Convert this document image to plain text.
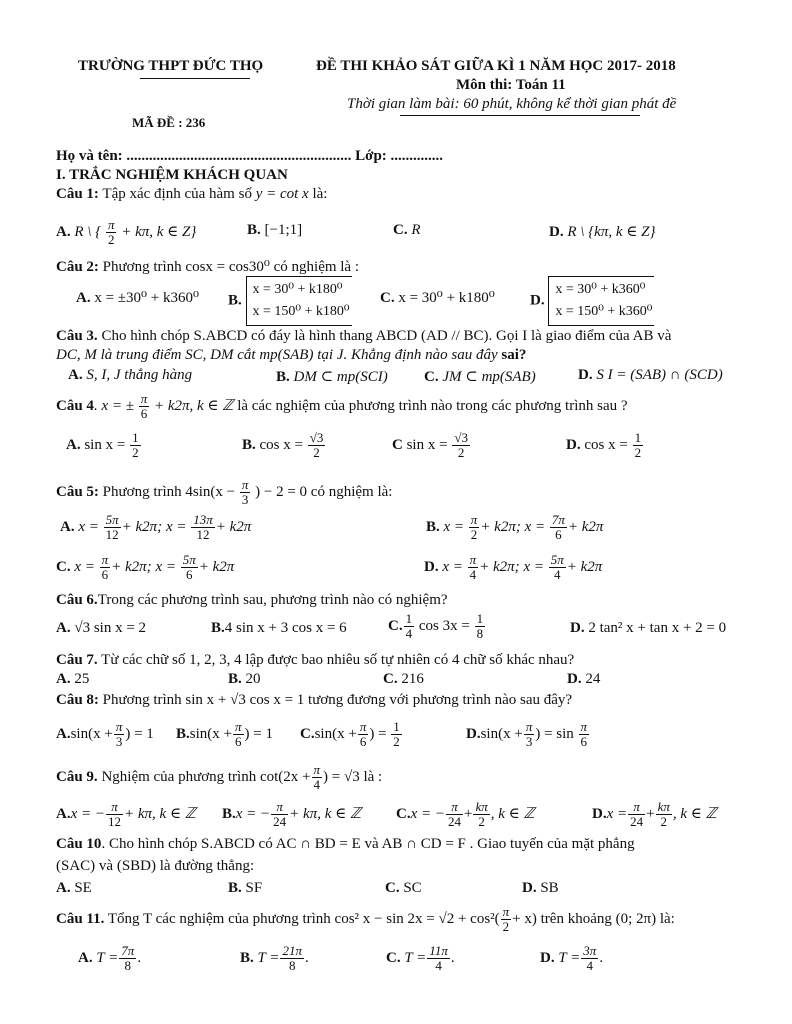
TRƯỜNG THPT ĐỨC THỌ	ĐỀ THI KHẢO SÁT GIỮA KÌ 1 NĂM HỌC 2017- 2018
Môn thi: Toán 11
Thời gian làm bài: 60 phút, không kể thời gian phát đề
MÃ ĐỀ : 236
Họ và tên: ............................................................ Lớp: ..............
I. TRẮC NGHIỆM KHÁCH QUAN
Câu 1: Tập xác định của hàm số y = cot x là:
A. R \ { $\frac{\pi}{2} + k\pi$, k ∈ Z}	B. [−1;1]	C. R	D. R \ {kπ, k ∈ Z}
Câu 2: Phương trình cosx = cos30⁰ có nghiệm là :
A. x = ±30⁰ + k360⁰ B.
x = 30⁰ + k180⁰
x = 150⁰ + k180⁰
C. x = 30⁰ + k180⁰ D.
x = 30⁰ + k360⁰
x = 150⁰ + k360⁰
Câu 3. Cho hình chóp S.ABCD có đáy là hình thang ABCD (AD // BC). Gọi I là giao điểm của AB và
DC, M là trung điểm SC, DM cắt mp(SAB) tại J. Khẳng định nào sau đây sai?
A. S, I, J thẳng hàng	B. DM ⊂ mp(SCI) C. JM ⊂ mp(SAB)	D. S I = (SAB) ∩ (SCD)
Câu 4. x = ± $\frac{\pi}{6} + k2\pi$, k ∈ ℤ là các nghiệm của phương trình nào trong các phương trình sau ?
A. $\sin x = \frac{1}{2}$	B. $\cos x = \frac{√3}{2}$	C $\sin x = \frac{√3}{2}$	D. $\cos x = \frac{1}{2}$
Câu 5: Phương trình $4\sin(x - \frac{\pi}{3}$ ) − 2 = 0 có nghiệm là:
A. $x = \frac{5\pi}{12} + k2\pi$; $x = \frac{13\pi}{12} + k2\pi$	B. $x = \frac{\pi}{2} + k2\pi$; $x = \frac{7\pi}{6} + k2\pi$
C. $x = \frac{\pi}{6} + k2\pi$; $x = \frac{5\pi}{6} + k2\pi$	D. $x = \frac{\pi}{4} + k2\pi$; $x = \frac{5\pi}{4} + k2\pi$
Câu 6.Trong các phương trình sau, phương trình nào có nghiệm?
A. √3 sin x = 2	B.4 sin x + 3 cos x = 6	C. $\frac{1}{4}$ $\cos 3x = \frac{1}{8}$	D. 2 tan² x + tan x + 2 = 0
Câu 7. Từ các chữ số 1, 2, 3, 4 lập được bao nhiêu số tự nhiên có 4 chữ số khác nhau?
A. 25	B. 20	C. 216	D. 24
Câu 8: Phương trình sin x + √3 cos x = 1 tương đương với phương trình nào sau đây?
$A.\sin(x + \frac{\pi}{3}$ ) = 1 $B.\sin(x + \frac{\pi}{6}$ ) = 1 $C.\sin(x + \frac{\pi}{6}$ ) = $\frac{1}{2}$	$D.\sin(x + \frac{\pi}{3}$ ) = $\sin \frac{\pi}{6}$
Câu 9. Nghiệm của phương trình $\cot(2x + \frac{\pi}{4}$ ) = √3 là :
A.x = − $\frac{\pi}{12} + k\pi$, k ∈ ℤ B.x = − $\frac{\pi}{24} + k\pi$, k ∈ ℤ C.x = − $\frac{\pi}{24} + \frac{k\pi}{2}$ , k ∈ ℤ	$D.x = \frac{\pi}{24} + \frac{k\pi}{2}$ , k ∈ ℤ
Câu 10. Cho hình chóp S.ABCD có AC ∩ BD = E và AB ∩ CD = F . Giao tuyến của mặt phẳng
(SAC) và (SBD) là đường thẳng:
A. SE	B. SF	C. SC	D. SB
Câu 11. Tổng T các nghiệm của phương trình cos² $x - \sin 2x = √2 + \cos^2( \frac{\pi}{2} + x)$ trên khoảng (0; 2π) là:
A. $T = \frac{7\pi}{8}$ .	B. $T = \frac{21\pi}{8}$ .	C. $T = \frac{11\pi}{4}$ .	D. $T = \frac{3\pi}{4}$ .
